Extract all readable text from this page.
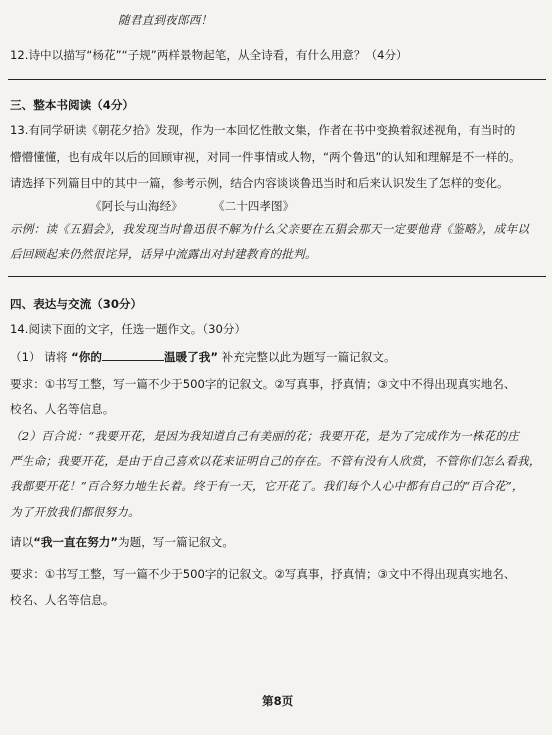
随君直到夜郎西！
12.诗中以描写“杨花”“子规”两样景物起笔，从全诗看，有什么用意？（4分）
三、整本书阅读（4分）
13.有同学研读《朝花夕拾》发现，作为一本回忆性散文集，作者在书中变换着叙述视角，有当时的
懵懵懂懂，也有成年以后的回顾审视，对同一件事情或人物，“两个鲁迅”的认知和理解是不一样的。
请选择下列篇目中的其中一篇，参考示例，结合内容谈谈鲁迅当时和后来认识发生了怎样的变化。
《阿长与山海经》	《二十四孝图》
示例：读《五猖会》，我发现当时鲁迅很不解为什么父亲要在五猖会那天一定要他背《鉴略》，成年以
后回顾起来仍然很诧异，话异中流露出对封建教育的批判。
四、表达与交流（30分）
14.阅读下面的文字，任选一题作文。（30分）
（1） 请将 “你的	温暖了我” 补充完整以此为题写一篇记叙文。
要求：①书写工整，写一篇不少于500字的记叙文。②写真事，抒真情；③文中不得出现真实地名、
校名、人名等信息。
（2）百合说：“我要开花，是因为我知道自己有美丽的花；我要开花，是为了完成作为一株花的庄
严生命；我要开花，是由于自己喜欢以花来证明自己的存在。不管有没有人欣赏，不管你们怎么看我，
我都要开花！”百合努力地生长着。终于有一天，它开花了。我们每个人心中都有自己的“百合花”，
为了开放我们都很努力。
请以“我一直在努力”为题，写一篇记叙文。
要求：①书写工整，写一篇不少于500字的记叙文。②写真事，抒真情；③文中不得出现真实地名、
校名、人名等信息。
第8页
